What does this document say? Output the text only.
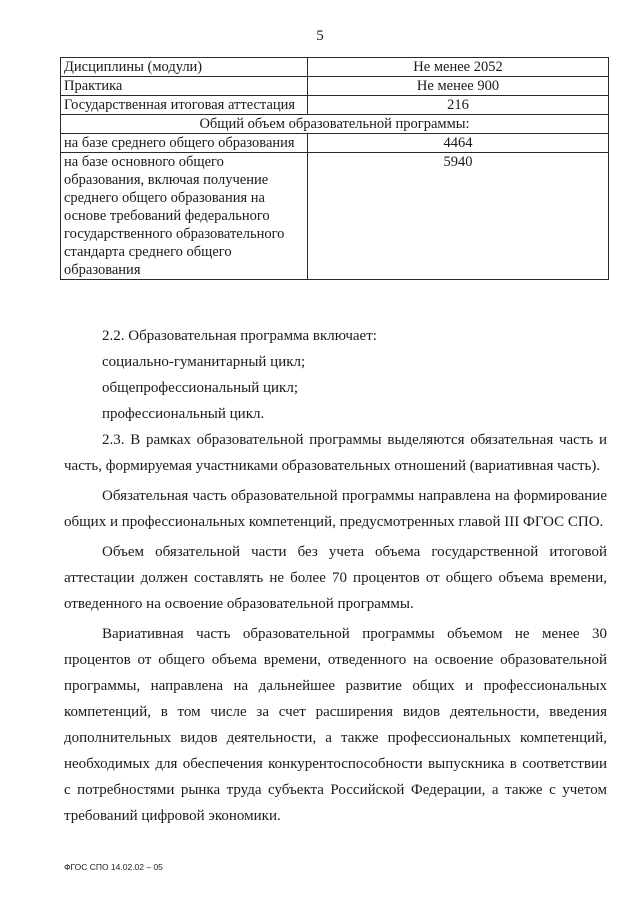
5
Дисциплины (модули)	Не менее 2052
Практика	Не менее 900
Государственная итоговая аттестация	216
Общий объем образовательной программы:	
на базе среднего общего образования	4464
на базе основного общего образования, включая получение среднего общего образования на основе требований федерального государственного образовательного стандарта среднего общего образования	5940

2.2. Образовательная программа включает:

социально-гуманитарный цикл;

общепрофессиональный цикл;

профессиональный цикл.

2.3. В рамках образовательной программы выделяются обязательная часть и часть, формируемая участниками образовательных отношений (вариативная часть).

Обязательная часть образовательной программы направлена на формирование общих и профессиональных компетенций, предусмотренных главой III ФГОС СПО.

Объем обязательной части без учета объема государственной итоговой аттестации должен составлять не более 70 процентов от общего объема времени, отведенного на освоение образовательной программы.

Вариативная часть образовательной программы объемом не менее 30 процентов от общего объема времени, отведенного на освоение образовательной программы, направлена на дальнейшее развитие общих и профессиональных компетенций, в том числе за счет расширения видов деятельности, введения дополнительных видов деятельности, а также профессиональных компетенций, необходимых для обеспечения конкурентоспособности выпускника в соответствии с потребностями рынка труда субъекта Российской Федерации, а также с учетом требований цифровой экономики.

ФГОС СПО 14.02.02 – 05
